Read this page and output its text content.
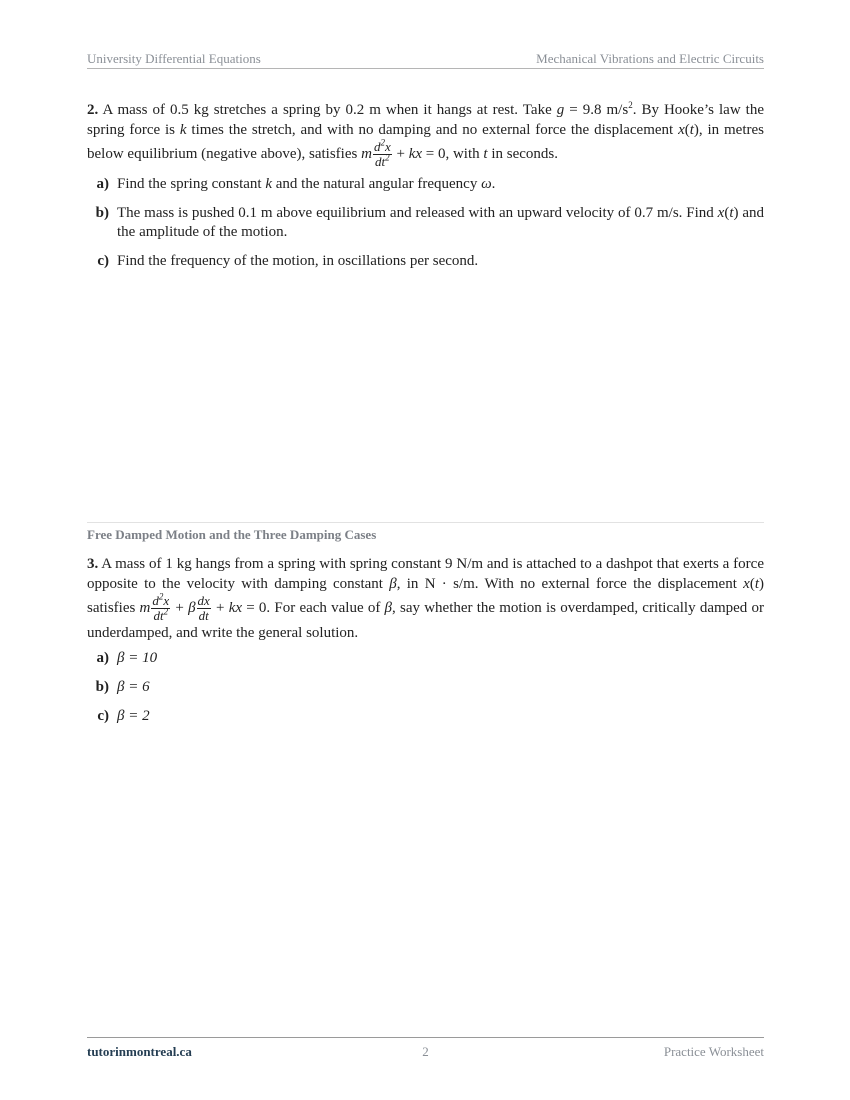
University Differential Equations	Mechanical Vibrations and Electric Circuits

2. A mass of 0.5 kg stretches a spring by 0.2 m when it hangs at rest. Take g = 9.8 $m/s^2$. By Hooke’s law the spring force is k times the stretch, and with no damping and no external force the displacement x(t), in metres below equilibrium (negative above), satisfies m $\frac{d^2x}{dt^2}$ + kx = 0, with t in seconds.

a) Find the spring constant k and the natural angular frequency ω.
b) The mass is pushed 0.1 m above equilibrium and released with an upward velocity of 0.7 m/s. Find x(t) and the amplitude of the motion.
c) Find the frequency of the motion, in oscillations per second.
Free Damped Motion and the Three Damping Cases

3. A mass of 1 kg hangs from a spring with spring constant 9 N/m and is attached to a dashpot that exerts a force opposite to the velocity with damping constant β, in N · s/m. With no external force the displacement x(t) satisfies m $\frac{d^2x}{dt^2} + \beta \frac{dx}{dt}$ + kx = 0. For each value of β, say whether the motion is overdamped, critically damped or underdamped, and write the general solution.

a) β = 10
b) β = 6
c) β = 2
tutorinmontreal.ca	2	Practice Worksheet
